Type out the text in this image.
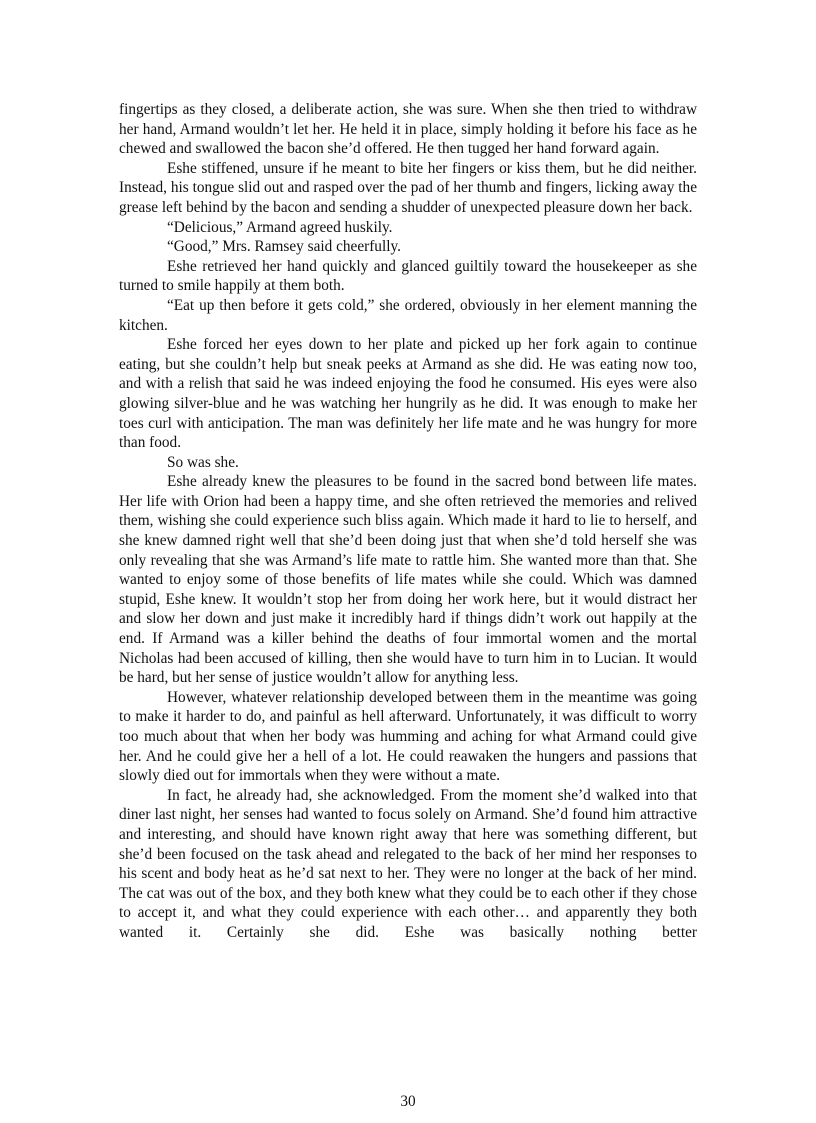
fingertips as they closed, a deliberate action, she was sure. When she then tried to withdraw her hand, Armand wouldn’t let her. He held it in place, simply holding it before his face as he chewed and swallowed the bacon she’d offered. He then tugged her hand forward again.

Eshe stiffened, unsure if he meant to bite her fingers or kiss them, but he did neither. Instead, his tongue slid out and rasped over the pad of her thumb and fingers, licking away the grease left behind by the bacon and sending a shudder of unexpected pleasure down her back.

“Delicious,” Armand agreed huskily.

“Good,” Mrs. Ramsey said cheerfully.

Eshe retrieved her hand quickly and glanced guiltily toward the housekeeper as she turned to smile happily at them both.

“Eat up then before it gets cold,” she ordered, obviously in her element manning the kitchen.

Eshe forced her eyes down to her plate and picked up her fork again to continue eating, but she couldn’t help but sneak peeks at Armand as she did. He was eating now too, and with a relish that said he was indeed enjoying the food he consumed. His eyes were also glowing silver-blue and he was watching her hungrily as he did. It was enough to make her toes curl with anticipation. The man was definitely her life mate and he was hungry for more than food.

So was she.

Eshe already knew the pleasures to be found in the sacred bond between life mates. Her life with Orion had been a happy time, and she often retrieved the memories and relived them, wishing she could experience such bliss again. Which made it hard to lie to herself, and she knew damned right well that she’d been doing just that when she’d told herself she was only revealing that she was Armand’s life mate to rattle him. She wanted more than that. She wanted to enjoy some of those benefits of life mates while she could. Which was damned stupid, Eshe knew. It wouldn’t stop her from doing her work here, but it would distract her and slow her down and just make it incredibly hard if things didn’t work out happily at the end. If Armand was a killer behind the deaths of four immortal women and the mortal Nicholas had been accused of killing, then she would have to turn him in to Lucian. It would be hard, but her sense of justice wouldn’t allow for anything less.

However, whatever relationship developed between them in the meantime was going to make it harder to do, and painful as hell afterward. Unfortunately, it was difficult to worry too much about that when her body was humming and aching for what Armand could give her. And he could give her a hell of a lot. He could reawaken the hungers and passions that slowly died out for immortals when they were without a mate.

In fact, he already had, she acknowledged. From the moment she’d walked into that diner last night, her senses had wanted to focus solely on Armand. She’d found him attractive and interesting, and should have known right away that here was something different, but she’d been focused on the task ahead and relegated to the back of her mind her responses to his scent and body heat as he’d sat next to her. They were no longer at the back of her mind. The cat was out of the box, and they both knew what they could be to each other if they chose to accept it, and what they could experience with each other… and apparently they both wanted it. Certainly she did. Eshe was basically nothing better

30
